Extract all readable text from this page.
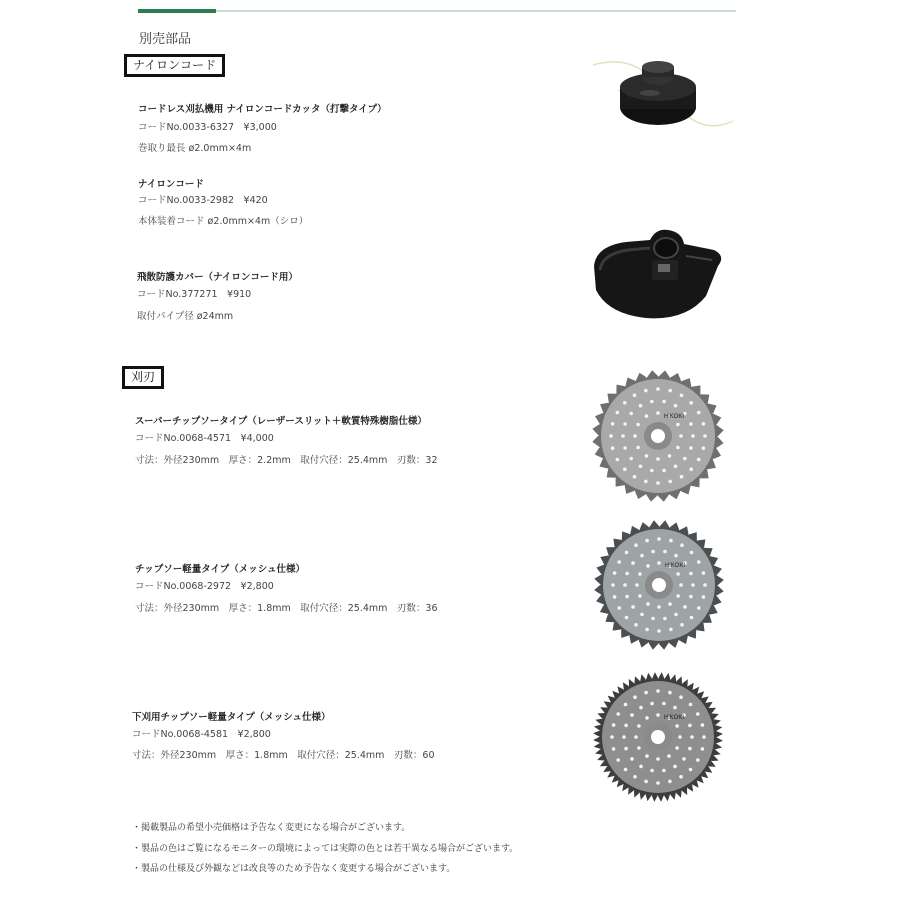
別売部品
ナイロンコード
コードレス刈払機用 ナイロンコードカッタ（打撃タイプ）
コードNo.0033-6327　¥3,000
巻取り最長 ø2.0mm×4m
ナイロンコード
コードNo.0033-2982　¥420
本体装着コード ø2.0mm×4m（シロ）
飛散防護カバー（ナイロンコード用）
コードNo.377271　¥910
取付パイプ径 ø24mm
刈刃
スーパーチップソータイプ（レーザースリット＋軟質特殊樹脂仕様）
コードNo.0068-4571　¥4,000
寸法：外径230mm　厚さ：2.2mm　取付穴径：25.4mm　刃数：32
チップソー軽量タイプ（メッシュ仕様）
コードNo.0068-2972　¥2,800
寸法：外径230mm　厚さ：1.8mm　取付穴径：25.4mm　刃数：36
下刈用チップソー軽量タイプ（メッシュ仕様）
コードNo.0068-4581　¥2,800
寸法：外径230mm　厚さ：1.8mm　取付穴径：25.4mm　刃数：60
・掲載製品の希望小売価格は予告なく変更になる場合がございます。
・製品の色はご覧になるモニターの環境によっては実際の色とは若干異なる場合がございます。
・製品の仕様及び外観などは改良等のため予告なく変更する場合がございます。
HiKOKI
HiKOKI
HiKOKI
